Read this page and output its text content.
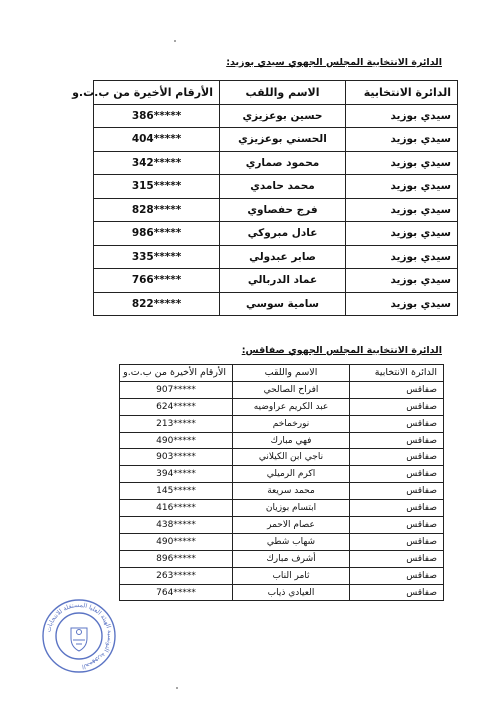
الدائرة الانتخابية المجلس الجهوي سيدي بوزيد:
الدائرة الانتخابية	الاسم واللقب	الأرقام الأخيرة من ب.ت.و
سيدي بوزيد	حسين بوعزيزي	386*****
سيدي بوزيد	الحسني بوعزيزي	404*****
سيدي بوزيد	محمود صماري	342*****
سيدي بوزيد	محمد حامدي	315*****
سيدي بوزيد	فرج حفصاوي	828*****
سيدي بوزيد	عادل مبروكي	986*****
سيدي بوزيد	صابر عبدولي	335*****
سيدي بوزيد	عماد الدربالي	766*****
سيدي بوزيد	سامية سوسي	822*****
الدائرة الانتخابية المجلس الجهوي صفاقس:
الدائرة الانتخابية	الاسم واللقب	الأرقام الأخيرة من ب.ت.و
صفاقس	افراح الصالحي	907*****
صفاقس	عبد الكريم عراوضيه	624*****
صفاقس	نورخماخم	213*****
صفاقس	فهي مبارك	490*****
صفاقس	ناجي ابن الكيلاني	903*****
صفاقس	اكرم الرميلي	394*****
صفاقس	محمد سريعة	145*****
صفاقس	ابتسام بوزيان	416*****
صفاقس	عصام الاحمر	438*****
صفاقس	شهاب شطي	490*****
صفاقس	أشرف مبارك	896*****
صفاقس	ثامر الناب	263*****
صفاقس	العيادي ذياب	764*****
الجمهورية التونسية الهيئة العليا المستقلة للانتخابات
